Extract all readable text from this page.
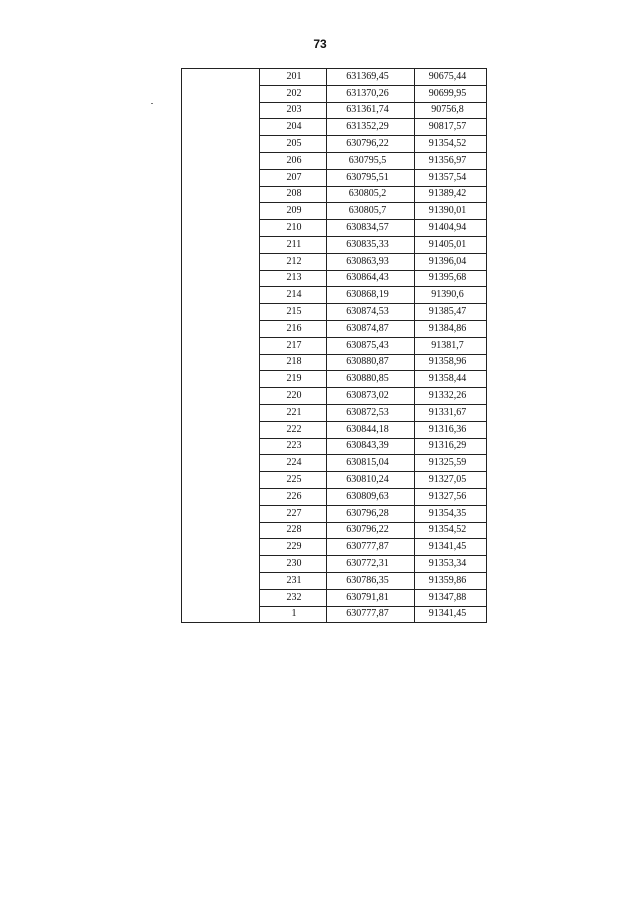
73
	201	631369,45	90675,44
	202	631370,26	90699,95
	203	631361,74	90756,8
	204	631352,29	90817,57
	205	630796,22	91354,52
	206	630795,5	91356,97
	207	630795,51	91357,54
	208	630805,2	91389,42
	209	630805,7	91390,01
	210	630834,57	91404,94
	211	630835,33	91405,01
	212	630863,93	91396,04
	213	630864,43	91395,68
	214	630868,19	91390,6
	215	630874,53	91385,47
	216	630874,87	91384,86
	217	630875,43	91381,7
	218	630880,87	91358,96
	219	630880,85	91358,44
	220	630873,02	91332,26
	221	630872,53	91331,67
	222	630844,18	91316,36
	223	630843,39	91316,29
	224	630815,04	91325,59
	225	630810,24	91327,05
	226	630809,63	91327,56
	227	630796,28	91354,35
	228	630796,22	91354,52
	229	630777,87	91341,45
	230	630772,31	91353,34
	231	630786,35	91359,86
	232	630791,81	91347,88
	1	630777,87	91341,45
